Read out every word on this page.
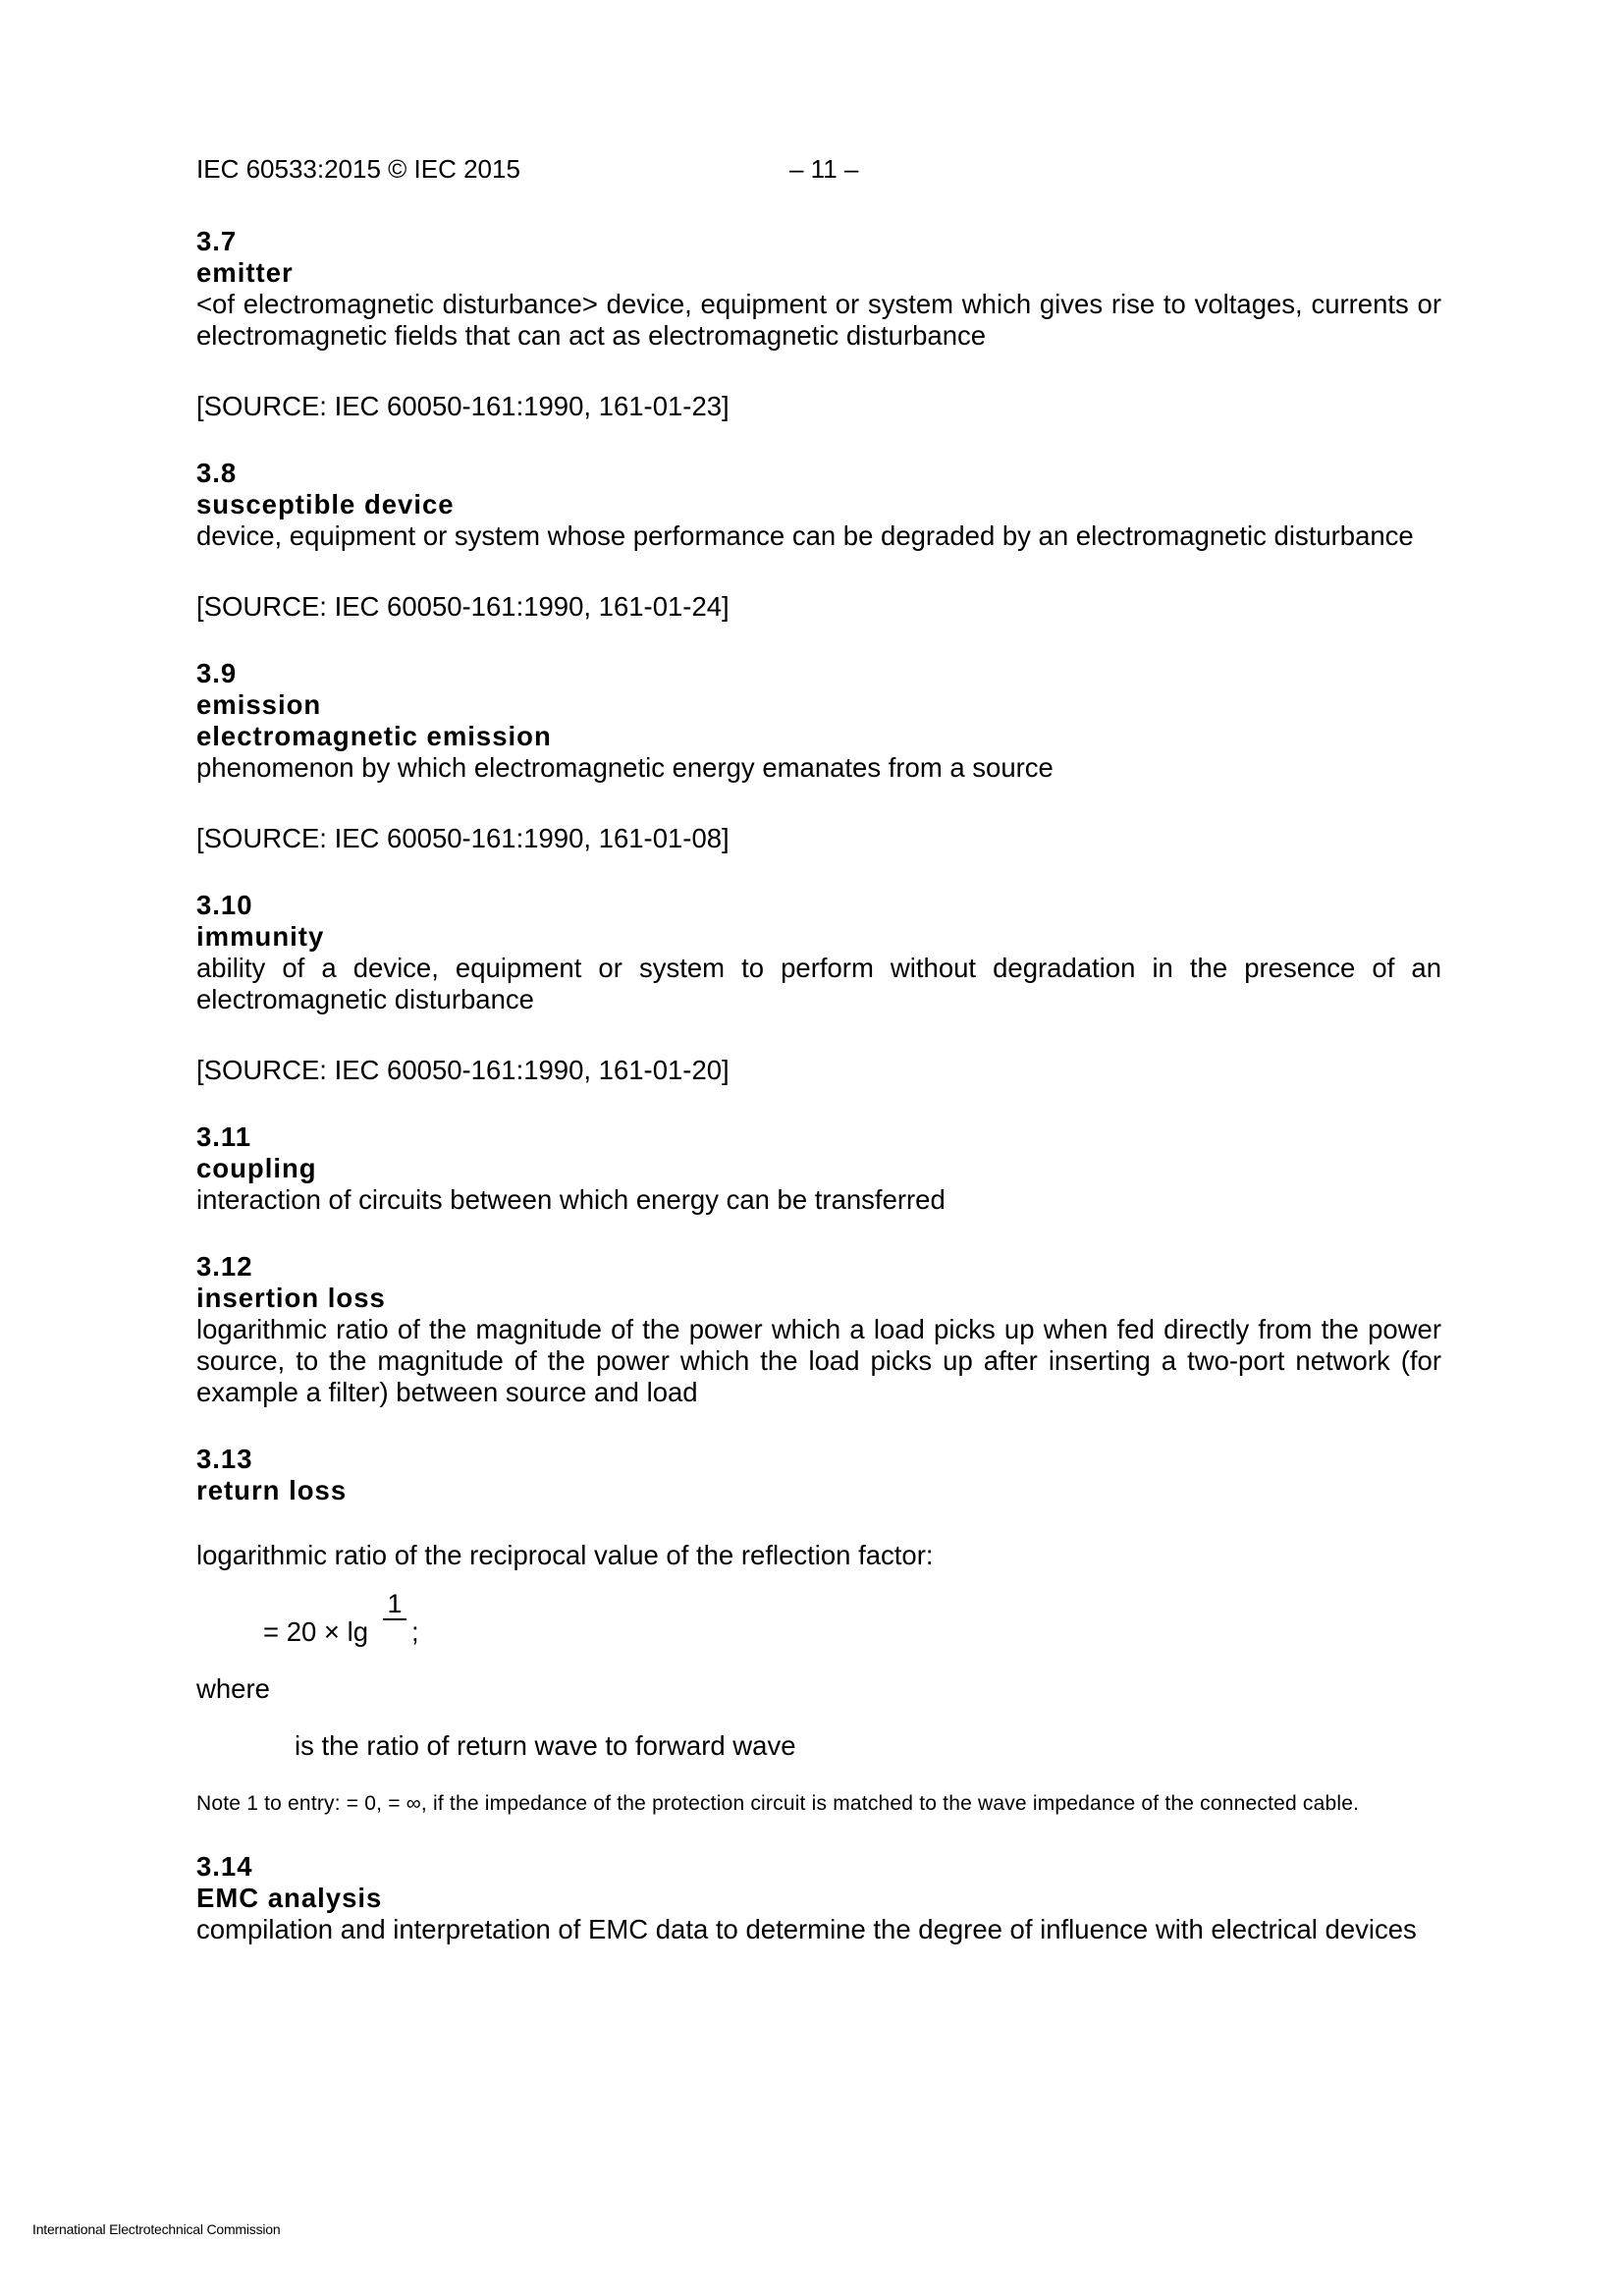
IEC 60533:2015 © IEC 2015	– 11 –
3.7
emitter
<of electromagnetic disturbance> device, equipment or system which gives rise to voltages, currents or electromagnetic fields that can act as electromagnetic disturbance
[SOURCE: IEC 60050-161:1990, 161-01-23]
3.8
susceptible device
device, equipment or system whose performance can be degraded by an electromagnetic disturbance
[SOURCE: IEC 60050-161:1990, 161-01-24]
3.9
emission
electromagnetic emission
phenomenon by which electromagnetic energy emanates from a source
[SOURCE: IEC 60050-161:1990, 161-01-08]
3.10
immunity
ability of a device, equipment or system to perform without degradation in the presence of an electromagnetic disturbance
[SOURCE: IEC 60050-161:1990, 161-01-20]
3.11
coupling
interaction of circuits between which energy can be transferred
3.12
insertion loss
logarithmic ratio of the magnitude of the power which a load picks up when fed directly from the power source, to the magnitude of the power which the load picks up after inserting a two-port network (for example a filter) between source and load
3.13
return loss
logarithmic ratio of the reciprocal value of the reflection factor:
= 20 × lg
1
;
where
is the ratio of return wave to forward wave
Note 1 to entry: = 0, = ∞, if the impedance of the protection circuit is matched to the wave impedance of the connected cable.
3.14
EMC analysis
compilation and interpretation of EMC data to determine the degree of influence with electrical devices
International Electrotechnical Commission
